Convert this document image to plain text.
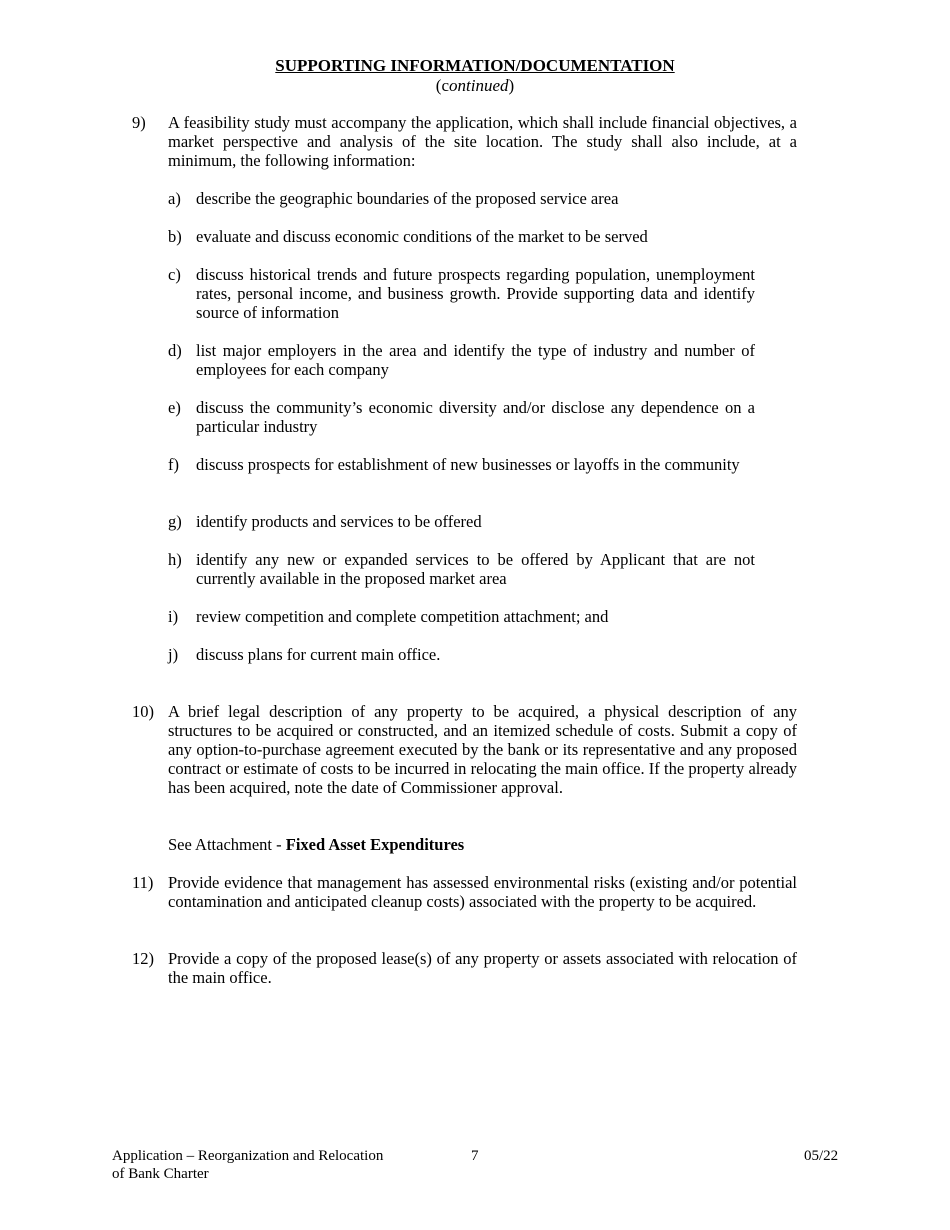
SUPPORTING INFORMATION/DOCUMENTATION
(continued)
9)	A feasibility study must accompany the application, which shall include financial objectives, a market perspective and analysis of the site location. The study shall also include, at a minimum, the following information:
a) describe the geographic boundaries of the proposed service area
b) evaluate and discuss economic conditions of the market to be served
c) discuss historical trends and future prospects regarding population, unemployment rates, personal income, and business growth. Provide supporting data and identify source of information
d) list major employers in the area and identify the type of industry and number of employees for each company
e) discuss the community’s economic diversity and/or disclose any dependence on a particular industry
f)	discuss prospects for establishment of new businesses or layoffs in the community
g) identify products and services to be offered
h) identify any new or expanded services to be offered by Applicant that are not currently available in the proposed market area
i)	review competition and complete competition attachment; and
j)	discuss plans for current main office.
10) A brief legal description of any property to be acquired, a physical description of any structures to be acquired or constructed, and an itemized schedule of costs. Submit a copy of any option-to-purchase agreement executed by the bank or its representative and any proposed contract or estimate of costs to be incurred in relocating the main office. If the property already has been acquired, note the date of Commissioner approval.
See Attachment - Fixed Asset Expenditures
11) Provide evidence that management has assessed environmental risks (existing and/or potential contamination and anticipated cleanup costs) associated with the property to be acquired.
12) Provide a copy of the proposed lease(s) of any property or assets associated with relocation of the main office.
Application – Reorganization and Relocation
of Bank Charter
7	05/22
